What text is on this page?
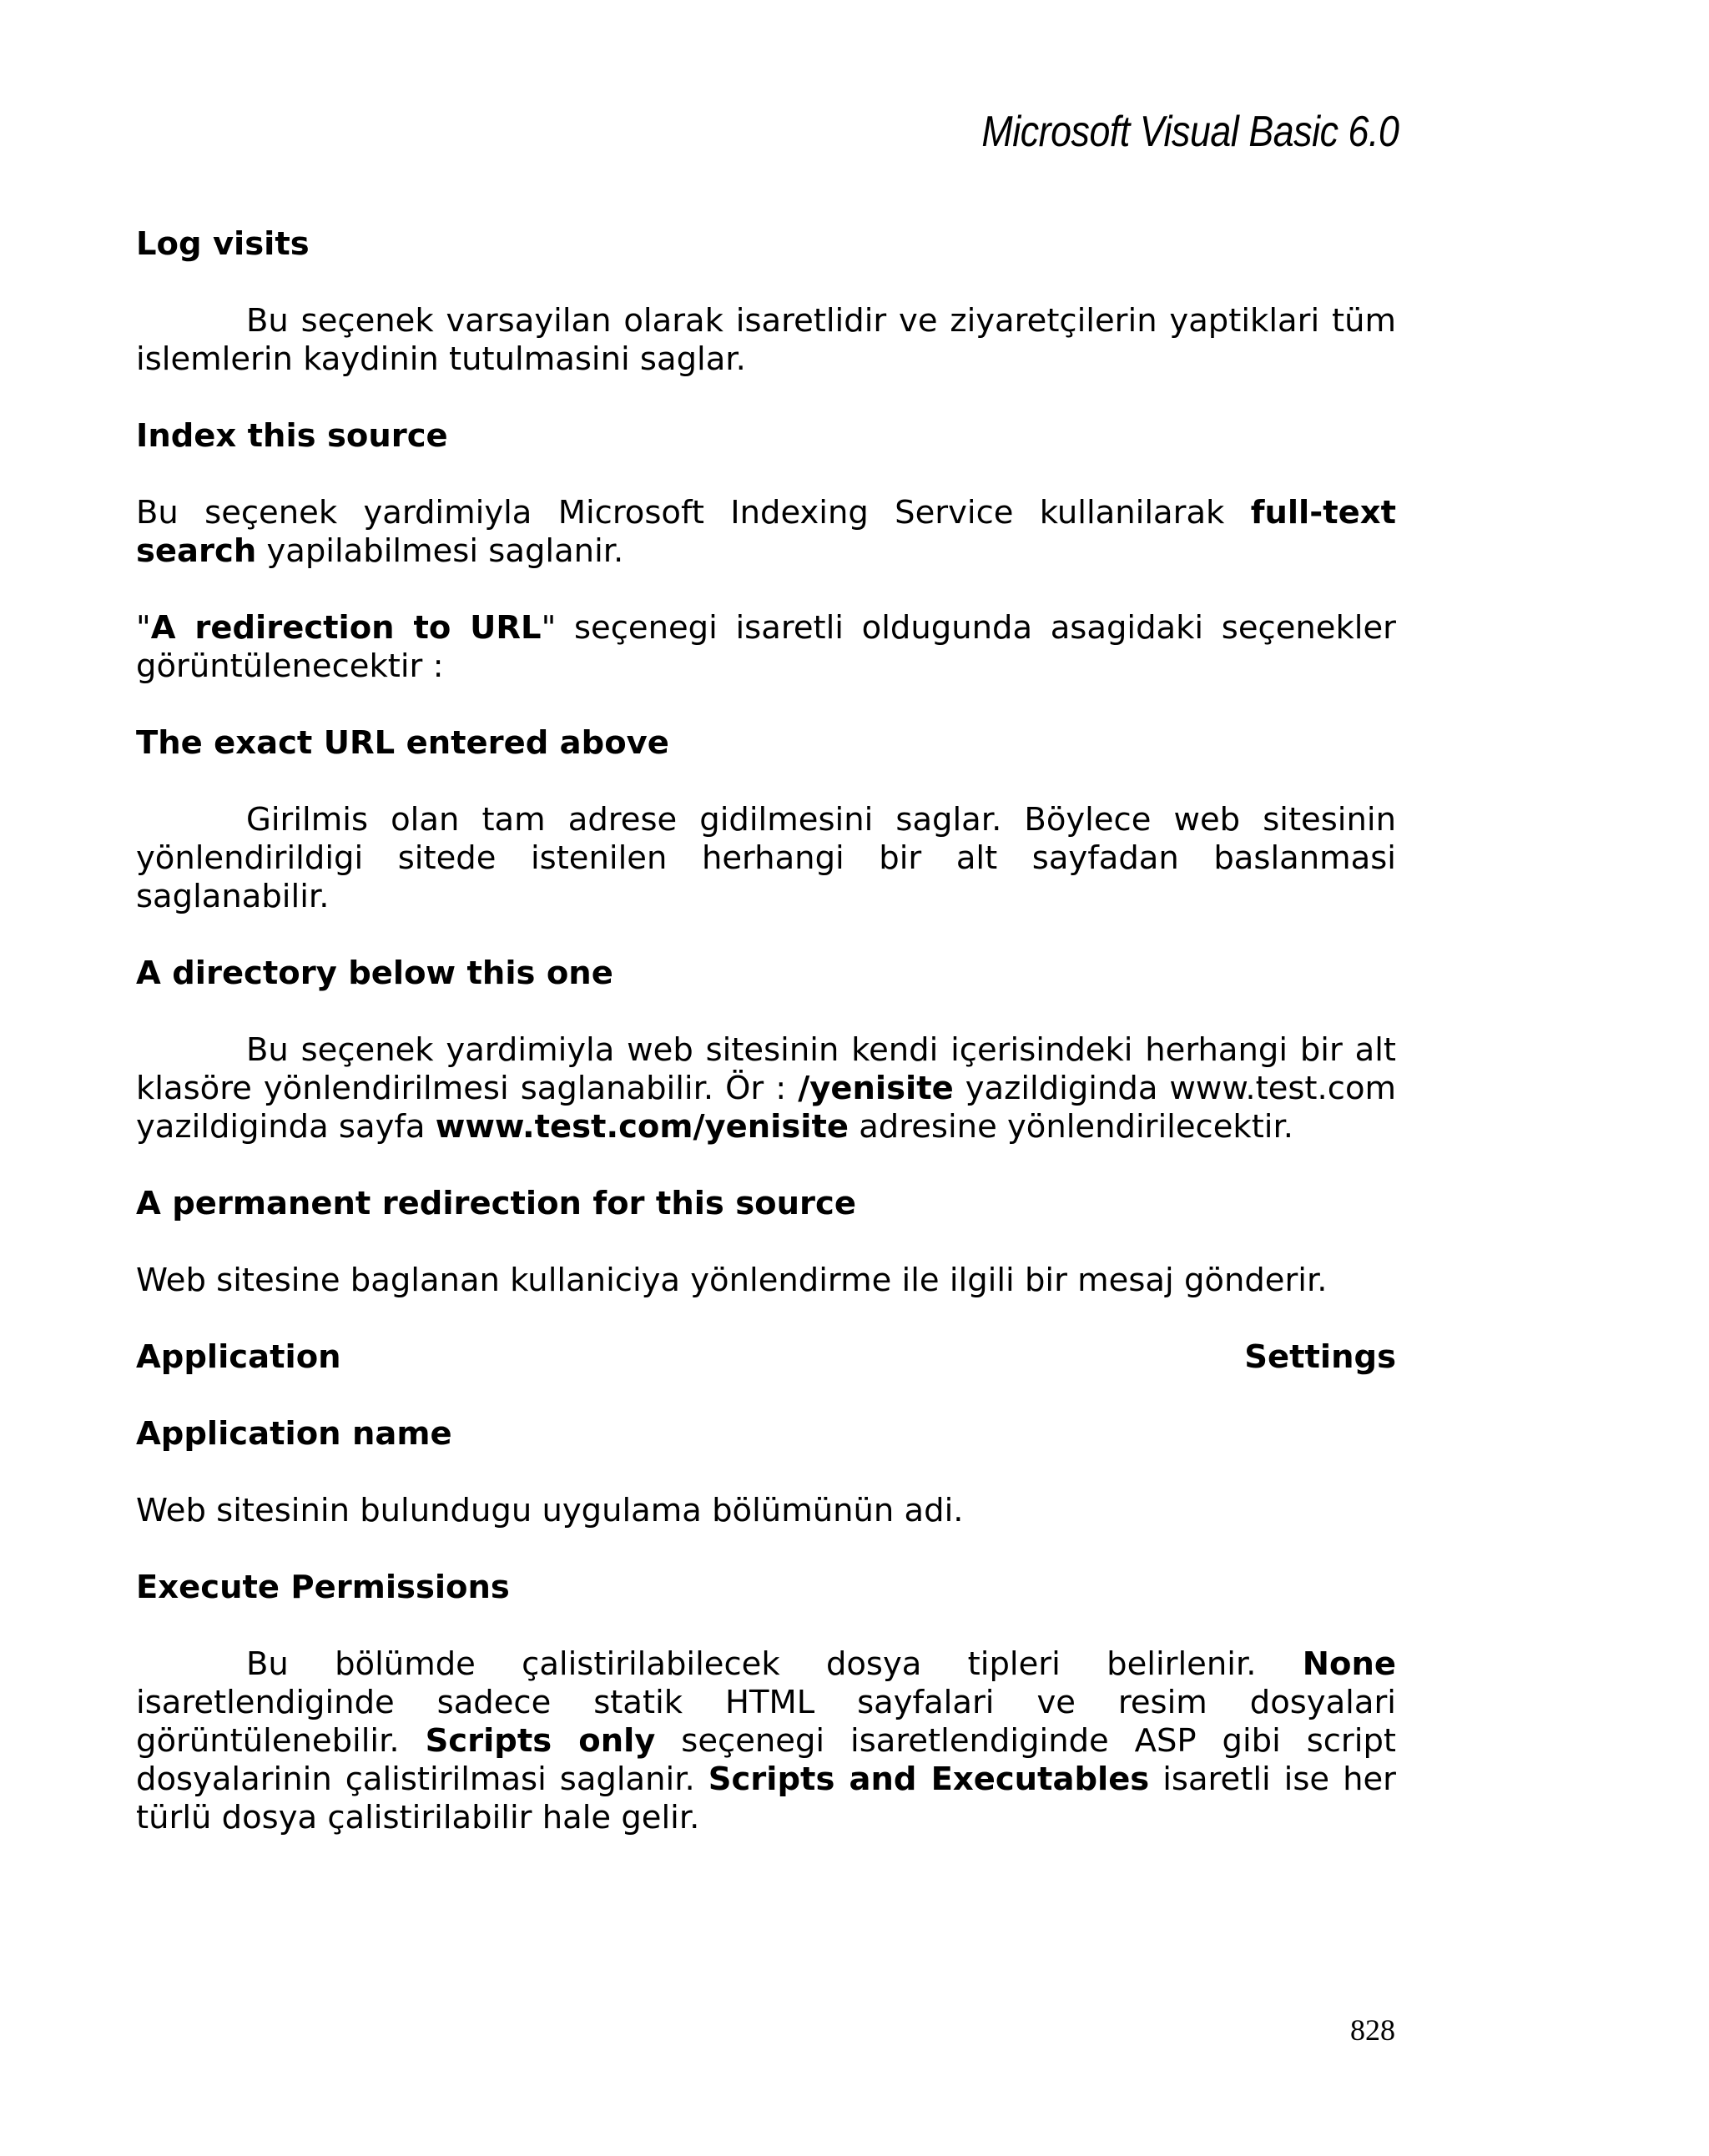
Microsoft Visual Basic 6.0

Log visits

Bu seçenek varsayilan olarak isaretlidir ve ziyaretçilerin yaptiklari tüm islemlerin kaydinin tutulmasini saglar.

Index this source

Bu seçenek yardimiyla Microsoft Indexing Service kullanilarak full-text search yapilabilmesi saglanir.

"A redirection to URL" seçenegi isaretli oldugunda asagidaki seçenekler görüntülenecektir :

The exact URL entered above

Girilmis olan tam adrese gidilmesini saglar. Böylece web sitesinin yönlendirildigi sitede istenilen herhangi bir alt sayfadan baslanmasi saglanabilir.

A directory below this one

Bu seçenek yardimiyla web sitesinin kendi içerisindeki herhangi bir alt klasöre yönlendirilmesi saglanabilir. Ör : /yenisite yazildiginda www.test.com yazildiginda sayfa www.test.com/yenisite adresine yönlendirilecektir.

A permanent redirection for this source

Web sitesine baglanan kullaniciya yönlendirme ile ilgili bir mesaj gönderir.

Application	Settings

Application name

Web sitesinin bulundugu uygulama bölümünün adi.

Execute Permissions

Bu bölümde çalistirilabilecek dosya tipleri belirlenir. None isaretlendiginde sadece statik HTML sayfalari ve resim dosyalari görüntülenebilir. Scripts only seçenegi isaretlendiginde ASP gibi script dosyalarinin çalistirilmasi saglanir. Scripts and Executables isaretli ise her türlü dosya çalistirilabilir hale gelir.

828
